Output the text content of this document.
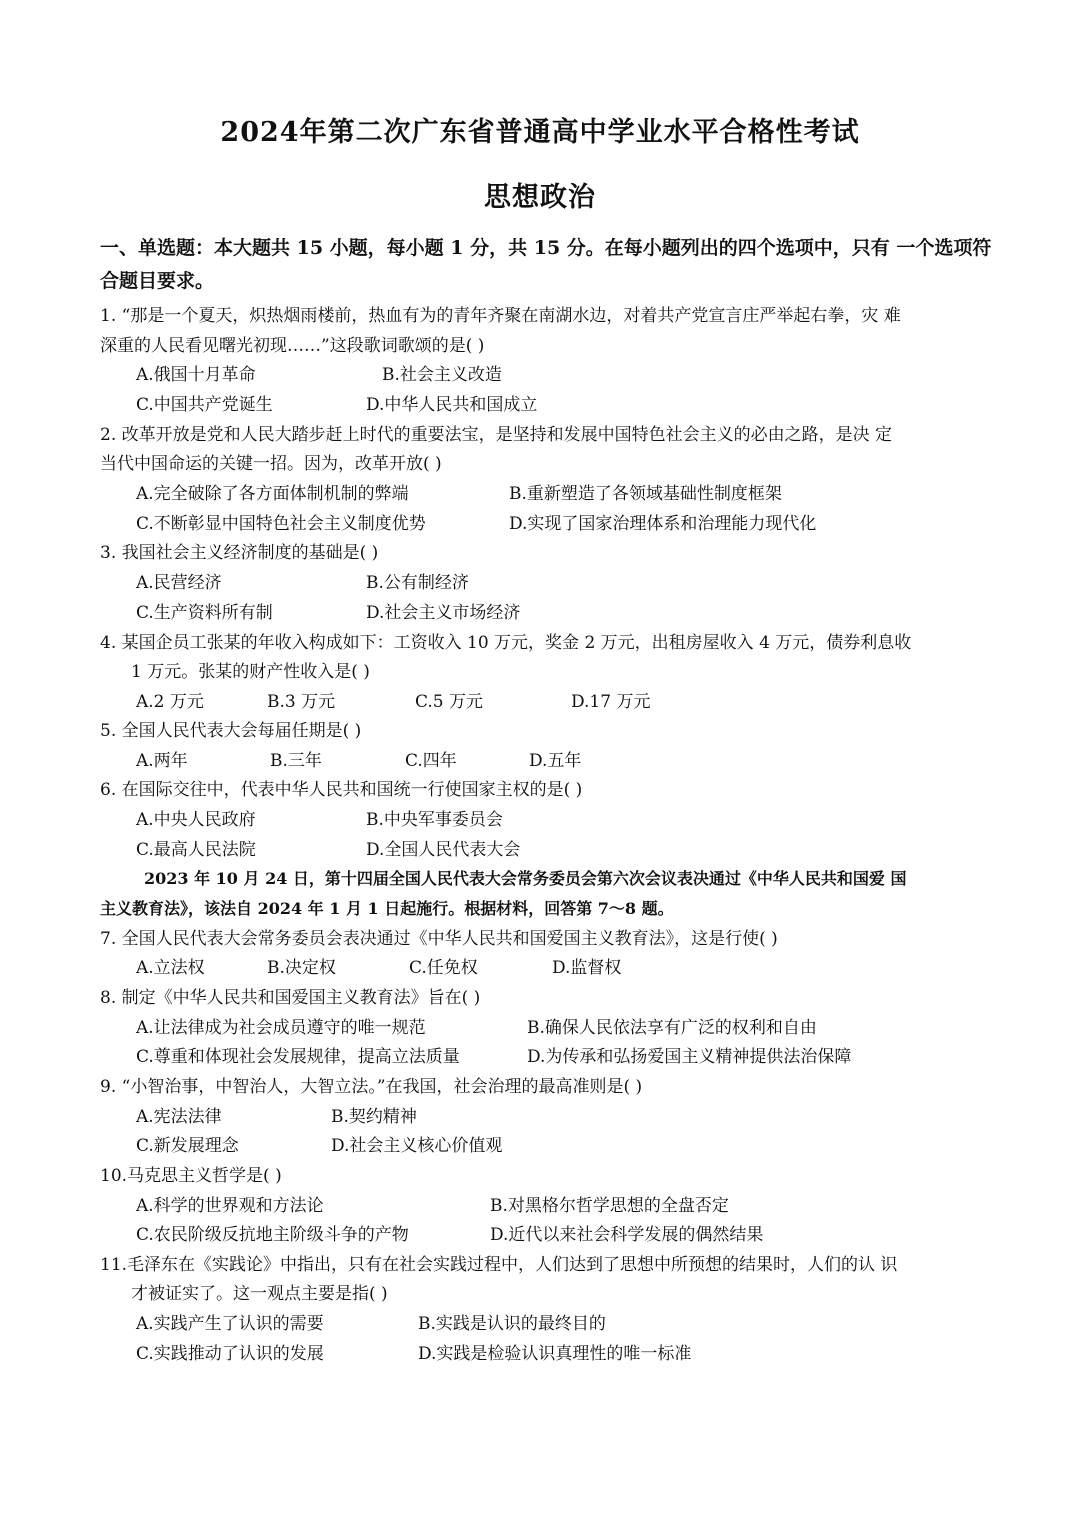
2024年第二次广东省普通高中学业水平合格性考试
思想政治
一、单选题：本大题共 15 小题，每小题 1 分，共 15 分。在每小题列出的四个选项中，只有 一个选项符合题目要求。
1. “那是一个夏天，炽热烟雨楼前，热血有为的青年齐聚在南湖水边，对着共产党宣言庄严举起右拳，灾 难
深重的人民看见曙光初现……”这段歌词歌颂的是( )
A.俄国十月革命	B.社会主义改造
C.中国共产党诞生	D.中华人民共和国成立
2. 改革开放是党和人民大踏步赶上时代的重要法宝，是坚持和发展中国特色社会主义的必由之路，是决 定
当代中国命运的关键一招。因为，改革开放( )
A.完全破除了各方面体制机制的弊端	B.重新塑造了各领域基础性制度框架
C.不断彰显中国特色社会主义制度优势	D.实现了国家治理体系和治理能力现代化
3. 我国社会主义经济制度的基础是( )
A.民营经济	B.公有制经济
C.生产资料所有制	D.社会主义市场经济
4. 某国企员工张某的年收入构成如下：工资收入 10 万元，奖金 2 万元，出租房屋收入 4 万元，债券利息收
1 万元。张某的财产性收入是( )
A.2 万元	B.3 万元	C.5 万元	D.17 万元
5. 全国人民代表大会每届任期是( )
A.两年	B.三年	C.四年	D.五年
6. 在国际交往中，代表中华人民共和国统一行使国家主权的是( )
A.中央人民政府	B.中央军事委员会
C.最高人民法院	D.全国人民代表大会
2023 年 10 月 24 日，第十四届全国人民代表大会常务委员会第六次会议表决通过《中华人民共和国爱 国
主义教育法》，该法自 2024 年 1 月 1 日起施行。根据材料，回答第 7～8 题。
7. 全国人民代表大会常务委员会表决通过《中华人民共和国爱国主义教育法》，这是行使( )
A.立法权	B.决定权	C.任免权	D.监督权
8. 制定《中华人民共和国爱国主义教育法》旨在( )
A.让法律成为社会成员遵守的唯一规范	B.确保人民依法享有广泛的权利和自由
C.尊重和体现社会发展规律，提高立法质量	D.为传承和弘扬爱国主义精神提供法治保障
9. “小智治事，中智治人，大智立法。”在我国，社会治理的最高准则是( )
A.宪法法律	B.契约精神
C.新发展理念	D.社会主义核心价值观
10.马克思主义哲学是( )
A.科学的世界观和方法论	B.对黑格尔哲学思想的全盘否定
C.农民阶级反抗地主阶级斗争的产物	D.近代以来社会科学发展的偶然结果
11.毛泽东在《实践论》中指出，只有在社会实践过程中，人们达到了思想中所预想的结果时，人们的认 识
才被证实了。这一观点主要是指( )
A.实践产生了认识的需要	B.实践是认识的最终目的
C.实践推动了认识的发展	D.实践是检验认识真理性的唯一标准
